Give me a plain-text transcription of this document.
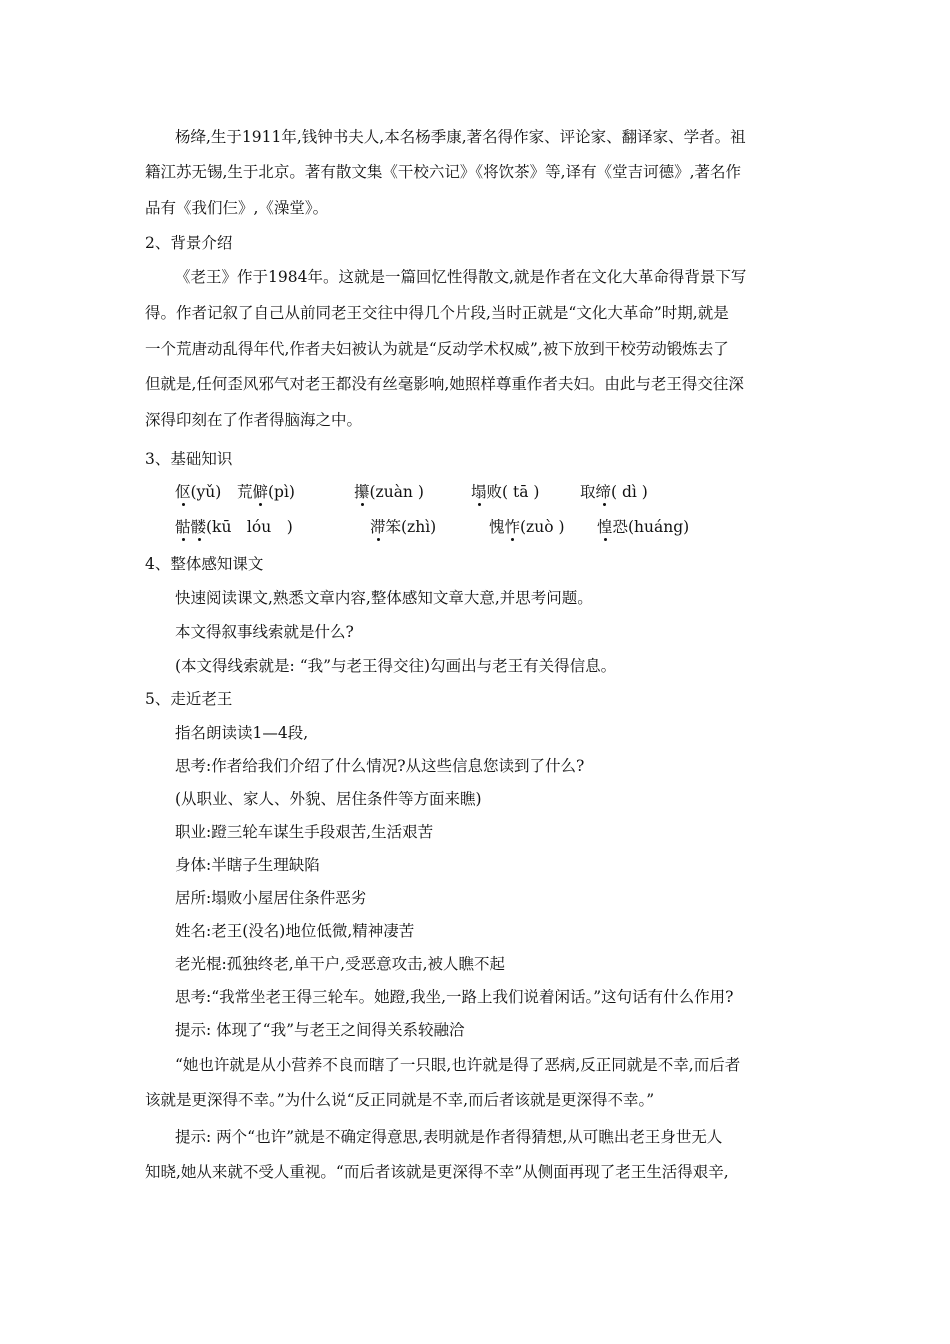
杨绛,生于1911年,钱钟书夫人,本名杨季康,著名得作家、评论家、翻译家、学者。祖
籍江苏无锡,生于北京。著有散文集《干校六记》《将饮茶》等,译有《堂吉诃德》,著名作
品有《我们仨》,《澡堂》。
2、背景介绍
《老王》作于1984年。这就是一篇回忆性得散文,就是作者在文化大革命得背景下写
得。作者记叙了自己从前同老王交往中得几个片段,当时正就是“文化大革命”时期,就是
一个荒唐动乱得年代,作者夫妇被认为就是“反动学术权威”,被下放到干校劳动锻炼去了
但就是,任何歪风邪气对老王都没有丝毫影响,她照样尊重作者夫妇。由此与老王得交往深
深得印刻在了作者得脑海之中。
3、基础知识
伛(yǔ) 荒僻(pì)	攥(zuàn )	塌败( tā )	取缔( dì )
骷髅(kū　lóu　)	滞笨(zhì)	愧怍(zuò ) 惶恐(huáng)
4、整体感知课文
快速阅读课文,熟悉文章内容,整体感知文章大意,并思考问题。
本文得叙事线索就是什么?
(本文得线索就是: “我”与老王得交往)勾画出与老王有关得信息。
5、走近老王
指名朗读读1—4段,
思考:作者给我们介绍了什么情况?从这些信息您读到了什么?
(从职业、家人、外貌、居住条件等方面来瞧)
职业:蹬三轮车谋生手段艰苦,生活艰苦
身体:半瞎子生理缺陷
居所:塌败小屋居住条件恶劣
姓名:老王(没名)地位低微,精神凄苦
老光棍:孤独终老,单干户,受恶意攻击,被人瞧不起
思考:“我常坐老王得三轮车。她蹬,我坐,一路上我们说着闲话。”这句话有什么作用?
提示: 体现了“我”与老王之间得关系较融洽
“她也许就是从小营养不良而瞎了一只眼,也许就是得了恶病,反正同就是不幸,而后者
该就是更深得不幸。”为什么说“反正同就是不幸,而后者该就是更深得不幸。”
提示: 两个“也许”就是不确定得意思,表明就是作者得猜想,从可瞧出老王身世无人
知晓,她从来就不受人重视。“而后者该就是更深得不幸”从侧面再现了老王生活得艰辛,
